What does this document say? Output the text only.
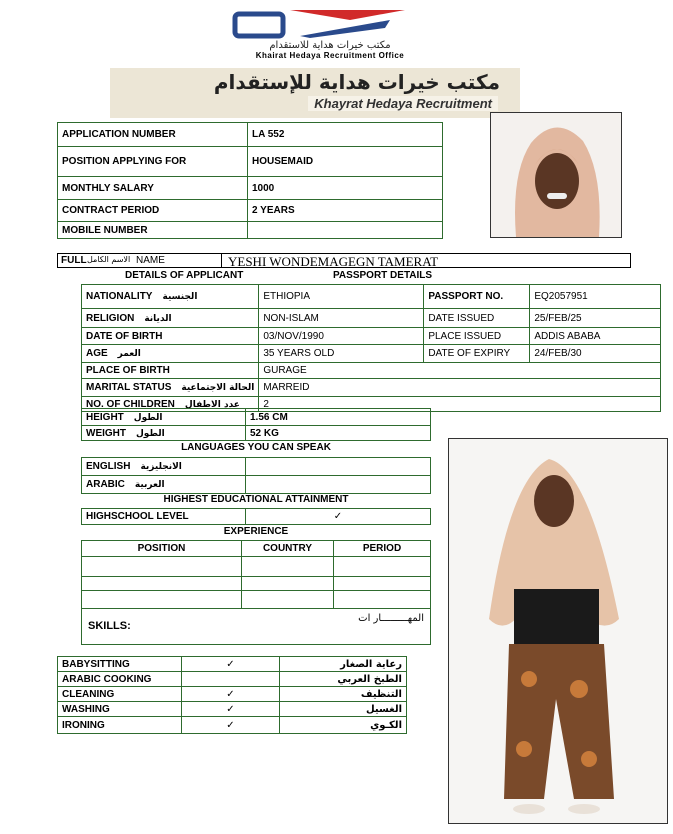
مكتب خيرات هداية للاستقدام
Khairat Hedaya Recruitment Office
مكتب خيرات هداية للإستقدام
Khayrat Hedaya Recruitment
APPLICATION NUMBER	LA 552
POSITION APPLYING FOR	HOUSEMAID
MONTHLY SALARY	1000
CONTRACT PERIOD	2 YEARS
MOBILE NUMBER	
FULL الاسم الكامل NAME	YESHI WONDEMAGEGN TAMERAT
DETAILS OF APPLICANT	PASSPORT DETAILS
NATIONALITY الجنسية	ETHIOPIA	PASSPORT NO.	EQ2057951
RELIGION الديانة	NON-ISLAM	DATE ISSUED	25/FEB/25
DATE OF BIRTH	03/NOV/1990	PLACE ISSUED	ADDIS ABABA
AGE العمر	35 YEARS OLD	DATE OF EXPIRY	24/FEB/30
PLACE OF BIRTH	GURAGE		
MARITAL STATUS الحالة الاجتماعية	MARREID		
NO. OF CHILDREN عدد الاطفال	2		
HEIGHT الطول	1.56 CM
WEIGHT الطول	52 KG
LANGUAGES YOU CAN SPEAK
ENGLISH الانجليزية	
ARABIC العربية	
HIGHEST EDUCATIONAL ATTAINMENT
HIGHSCHOOL LEVEL	✓
EXPERIENCE
POSITION	COUNTRY	PERIOD

SKILLS:
المهـــــــــار ات		
BABYSITTING	✓	رعاية الصغار
ARABIC COOKING		الطبخ العربي
CLEANING	✓	التنظيف
WASHING	✓	الغسيل
IRONING	✓	الكـوي
